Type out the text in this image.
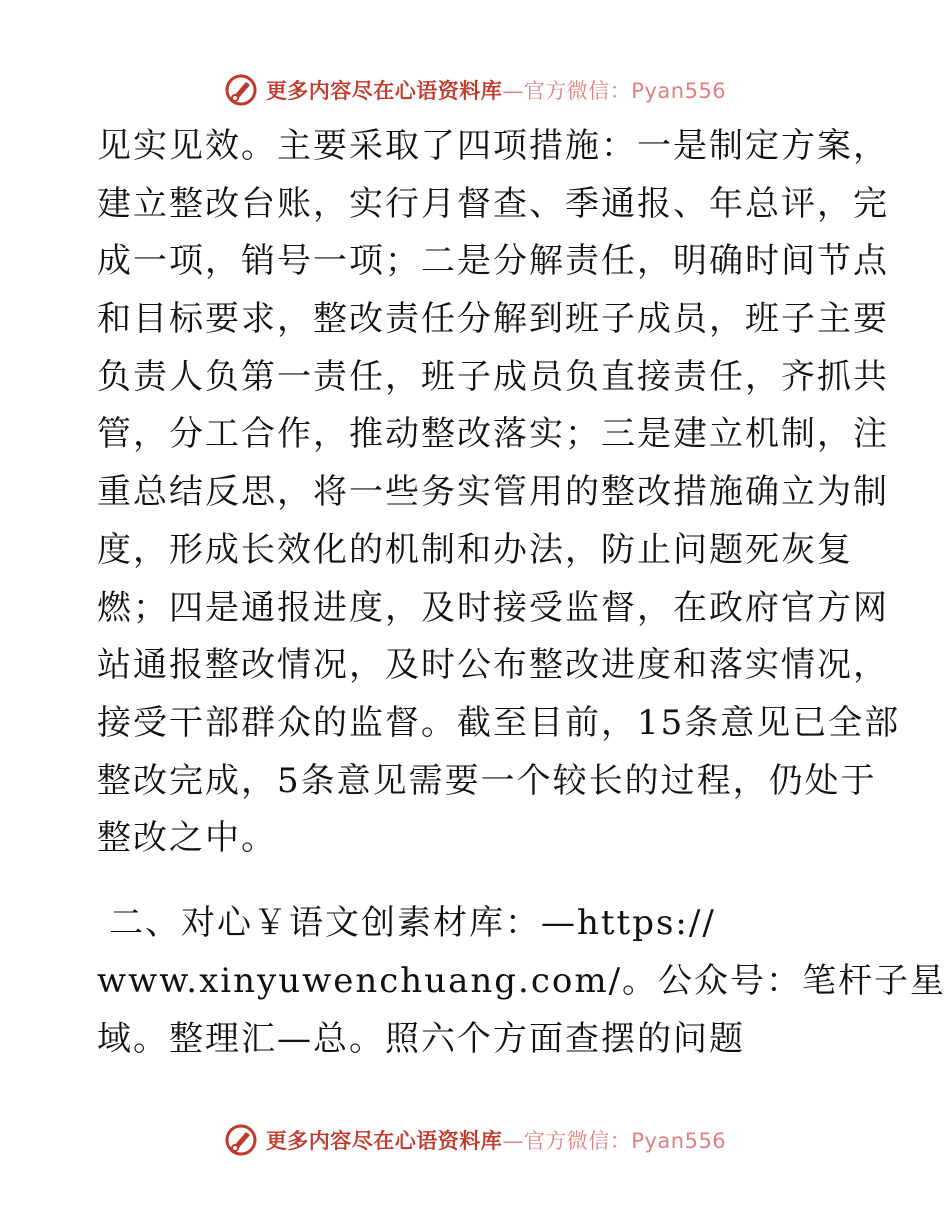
更多内容尽在心语资料库—官方微信：Pyan556
见实见效。主要采取了四项措施：一是制定方案，
建立整改台账，实行月督查、季通报、年总评，完
成一项，销号一项；二是分解责任，明确时间节点
和目标要求，整改责任分解到班子成员，班子主要
负责人负第一责任，班子成员负直接责任，齐抓共
管，分工合作，推动整改落实；三是建立机制，注
重总结反思，将一些务实管用的整改措施确立为制
度，形成长效化的机制和办法，防止问题死灰复
燃；四是通报进度，及时接受监督，在政府官方网
站通报整改情况，及时公布整改进度和落实情况，
接受干部群众的监督。截至目前，15条意见已全部
整改完成，5条意见需要一个较长的过程，仍处于
整改之中。
二、对心￥语文创素材库：—https://
www.xinyuwenchuang.com/。公众号：笔杆子星
域。整理汇—总。照六个方面查摆的问题
更多内容尽在心语资料库—官方微信：Pyan556
